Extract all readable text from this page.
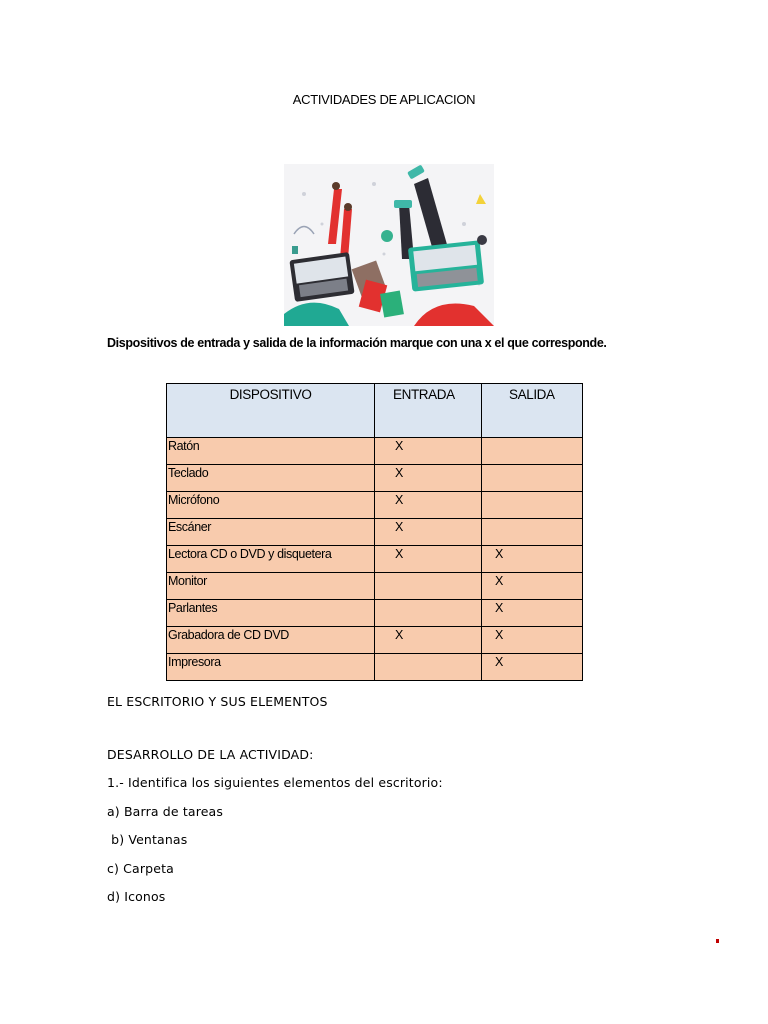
ACTIVIDADES DE APLICACION
Dispositivos de entrada y salida de la información marque con una x el que corresponde.
DISPOSITIVO	ENTRADA	SALIDA
Ratón	X	
Teclado	X	
Micrófono	X	
Escáner	X	
Lectora CD o DVD y disquetera	X	X
Monitor		X
Parlantes		X
Grabadora de CD DVD	X	X
Impresora		X
EL ESCRITORIO Y SUS ELEMENTOS
DESARROLLO DE LA ACTIVIDAD:
1.- Identifica los siguientes elementos del escritorio:
a) Barra de tareas
b) Ventanas
c) Carpeta
d) Iconos
